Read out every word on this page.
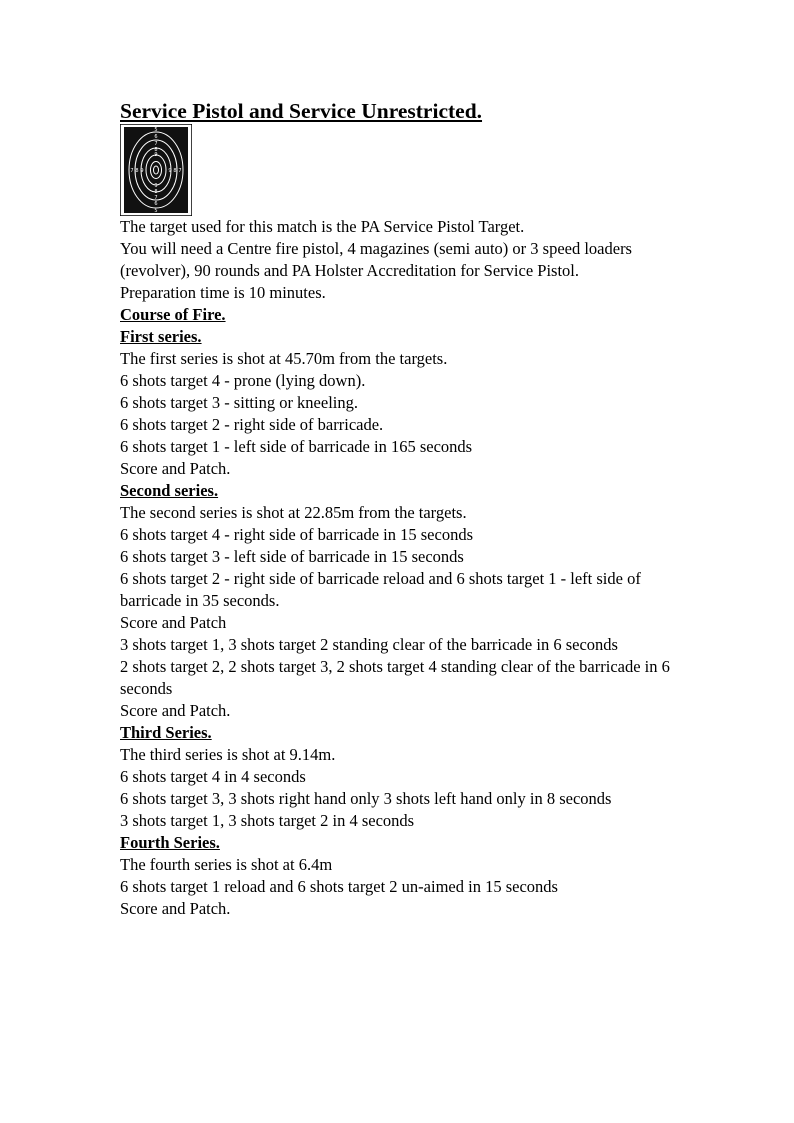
Service Pistol and Service Unrestricted.
5
6
7
8
9
9
8
7
6
5
7 8 9	9 8 7

The target used for this match is the PA Service Pistol Target.

You will need a Centre fire pistol, 4 magazines (semi auto) or 3 speed loaders (revolver), 90 rounds and PA Holster Accreditation for Service Pistol.

Preparation time is 10 minutes.

Course of Fire.

First series.

The first series is shot at 45.70m from the targets.

6 shots target 4 - prone (lying down).

6 shots target 3 - sitting or kneeling.

6 shots target 2 - right side of barricade.

6 shots target 1 - left side of barricade in 165 seconds

Score and Patch.

Second series.

The second series is shot at 22.85m from the targets.

6 shots target 4 - right side of barricade in 15 seconds

6 shots target 3 - left side of barricade in 15 seconds

6 shots target 2 - right side of barricade reload and 6 shots target 1 - left side of barricade in 35 seconds.

Score and Patch

3 shots target 1, 3 shots target 2 standing clear of the barricade in 6 seconds

2 shots target 2, 2 shots target 3, 2 shots target 4 standing clear of the barricade in 6 seconds

Score and Patch.

Third Series.

The third series is shot at 9.14m.

6 shots target 4 in 4 seconds

6 shots target 3, 3 shots right hand only 3 shots left hand only in 8 seconds

3 shots target 1, 3 shots target 2 in 4 seconds

Fourth Series.

The fourth series is shot at 6.4m

6 shots target 1 reload and 6 shots target 2 un-aimed in 15 seconds

Score and Patch.
